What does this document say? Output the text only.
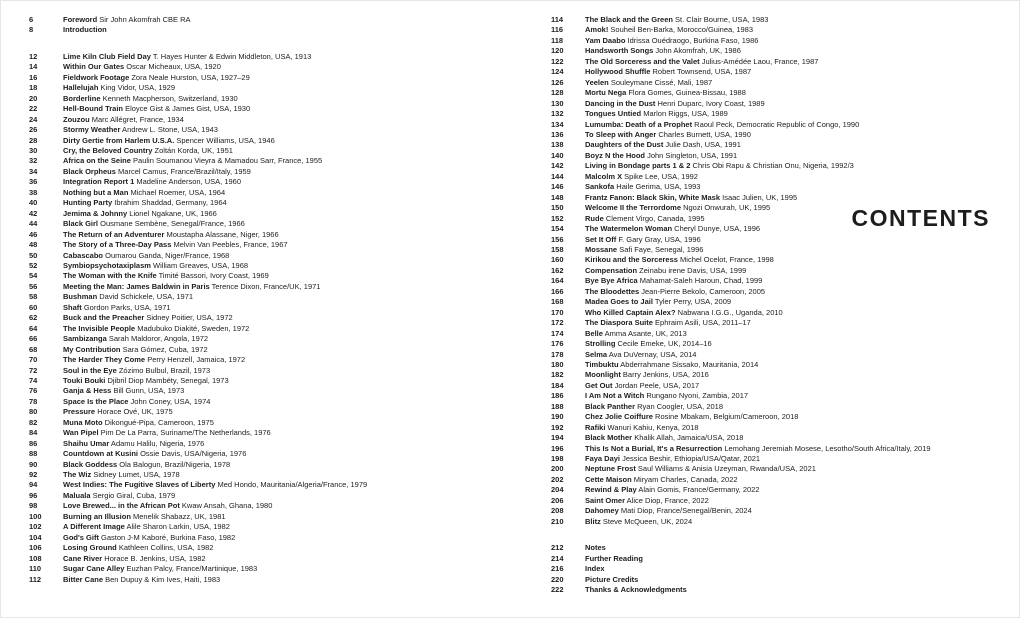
6	Foreword Sir John Akomfrah CBE RA
8	Introduction
12	Lime Kiln Club Field Day T. Hayes Hunter & Edwin Middleton, USA, 1913
14	Within Our Gates Oscar Micheaux, USA, 1920
16	Fieldwork Footage Zora Neale Hurston, USA, 1927–29
18	Hallelujah King Vidor, USA, 1929
20	Borderline Kenneth Macpherson, Switzerland, 1930
22	Hell-Bound Train Eloyce Gist & James Gist, USA, 1930
24	Zouzou Marc Allégret, France, 1934
26	Stormy Weather Andrew L. Stone, USA, 1943
28	Dirty Gertie from Harlem U.S.A. Spencer Williams, USA, 1946
30	Cry, the Beloved Country Zoltán Korda, UK, 1951
32	Africa on the Seine Paulin Soumanou Vieyra & Mamadou Sarr, France, 1955
34	Black Orpheus Marcel Camus, France/Brazil/Italy, 1959
36	Integration Report 1 Madeline Anderson, USA, 1960
38	Nothing but a Man Michael Roemer, USA, 1964
40	Hunting Party Ibrahim Shaddad, Germany, 1964
42	Jemima & Johnny Lionel Ngakane, UK, 1966
44	Black Girl Ousmane Sembène, Senegal/France, 1966
46	The Return of an Adventurer Moustapha Alassane, Niger, 1966
48	The Story of a Three-Day Pass Melvin Van Peebles, France, 1967
50	Cabascabo Oumarou Ganda, Niger/France, 1968
52	Symbiopsychotaxiplasm William Greaves, USA, 1968
54	The Woman with the Knife Timité Bassori, Ivory Coast, 1969
56	Meeting the Man: James Baldwin in Paris Terence Dixon, France/UK, 1971
58	Bushman David Schickele, USA, 1971
60	Shaft Gordon Parks, USA, 1971
62	Buck and the Preacher Sidney Poitier, USA, 1972
64	The Invisible People Madubuko Diakité, Sweden, 1972
66	Sambizanga Sarah Maldoror, Angola, 1972
68	My Contribution Sara Gómez, Cuba, 1972
70	The Harder They Come Perry Henzell, Jamaica, 1972
72	Soul in the Eye Zózimo Bulbul, Brazil, 1973
74	Touki Bouki Djibril Diop Mambéty, Senegal, 1973
76	Ganja & Hess Bill Gunn, USA, 1973
78	Space Is the Place John Coney, USA, 1974
80	Pressure Horace Ové, UK, 1975
82	Muna Moto Dikongué-Pipa, Cameroon, 1975
84	Wan Pipel Pim De La Parra, Suriname/The Netherlands, 1976
86	Shaihu Umar Adamu Halilu, Nigeria, 1976
88	Countdown at Kusini Ossie Davis, USA/Nigeria, 1976
90	Black Goddess Ola Balogun, Brazil/Nigeria, 1978
92	The Wiz Sidney Lumet, USA, 1978
94	West Indies: The Fugitive Slaves of Liberty Med Hondo, Mauritania/Algeria/France, 1979
96	Maluala Sergio Giral, Cuba, 1979
98	Love Brewed... in the African Pot Kwaw Ansah, Ghana, 1980
100	Burning an Illusion Menelik Shabazz, UK, 1981
102	A Different Image Alile Sharon Larkin, USA, 1982
104	God's Gift Gaston J-M Kaboré, Burkina Faso, 1982
106	Losing Ground Kathleen Collins, USA, 1982
108	Cane River Horace B. Jenkins, USA, 1982
110	Sugar Cane Alley Euzhan Palcy, France/Martinique, 1983
112	Bitter Cane Ben Dupuy & Kim Ives, Haiti, 1983
114	The Black and the Green St. Clair Bourne, USA, 1983
116	Amok! Souheil Ben-Barka, Morocco/Guinea, 1983
118	Yam Daabo Idrissa Ouédraogo, Burkina Faso, 1986
120	Handsworth Songs John Akomfrah, UK, 1986
122	The Old Sorceress and the Valet Julius-Amédée Laou, France, 1987
124	Hollywood Shuffle Robert Townsend, USA, 1987
126	Yeelen Souleymane Cissé, Mali, 1987
128	Mortu Nega Flora Gomes, Guinea-Bissau, 1988
130	Dancing in the Dust Henri Duparc, Ivory Coast, 1989
132	Tongues Untied Marlon Riggs, USA, 1989
134	Lumumba: Death of a Prophet Raoul Peck, Democratic Republic of Congo, 1990
136	To Sleep with Anger Charles Burnett, USA, 1990
138	Daughters of the Dust Julie Dash, USA, 1991
140	Boyz N the Hood John Singleton, USA, 1991
142	Living in Bondage parts 1 & 2 Chris Obi Rapu & Christian Onu, Nigeria, 1992/3
144	Malcolm X Spike Lee, USA, 1992
146	Sankofa Haile Gerima, USA, 1993
148	Frantz Fanon: Black Skin, White Mask Isaac Julien, UK, 1995
150	Welcome II the Terrordome Ngozi Onwurah, UK, 1995
152	Rude Clement Virgo, Canada, 1995
154	The Watermelon Woman Cheryl Dunye, USA, 1996
156	Set It Off F. Gary Gray, USA, 1996
158	Mossane Safi Faye, Senegal, 1996
160	Kirikou and the Sorceress Michel Ocelot, France, 1998
162	Compensation Zeinabu irene Davis, USA, 1999
164	Bye Bye Africa Mahamat-Saleh Haroun, Chad, 1999
166	The Bloodettes Jean-Pierre Bekolo, Cameroon, 2005
168	Madea Goes to Jail Tyler Perry, USA, 2009
170	Who Killed Captain Alex? Nabwana I.G.G., Uganda, 2010
172	The Diaspora Suite Ephraim Asili, USA, 2011–17
174	Belle Amma Asante, UK, 2013
176	Strolling Cecile Emeke, UK, 2014–16
178	Selma Ava DuVernay, USA, 2014
180	Timbuktu Abderrahmane Sissako, Mauritania, 2014
182	Moonlight Barry Jenkins, USA, 2016
184	Get Out Jordan Peele, USA, 2017
186	I Am Not a Witch Rungano Nyoni, Zambia, 2017
188	Black Panther Ryan Coogler, USA, 2018
190	Chez Jolie Coiffure Rosine Mbakam, Belgium/Cameroon, 2018
192	Rafiki Wanuri Kahiu, Kenya, 2018
194	Black Mother Khalik Allah, Jamaica/USA, 2018
196	This Is Not a Burial, It's a Resurrection Lemohang Jeremiah Mosese, Lesotho/South Africa/Italy, 2019
198	Faya Dayi Jessica Beshir, Ethiopia/USA/Qatar, 2021
200	Neptune Frost Saul Williams & Anisia Uzeyman, Rwanda/USA, 2021
202	Cette Maison Miryam Charles, Canada, 2022
204	Rewind & Play Alain Gomis, France/Germany, 2022
206	Saint Omer Alice Diop, France, 2022
208	Dahomey Mati Diop, France/Senegal/Benin, 2024
210	Blitz Steve McQueen, UK, 2024
212	Notes
214	Further Reading
216	Index
220	Picture Credits
222	Thanks & Acknowledgments
CONTENTS
